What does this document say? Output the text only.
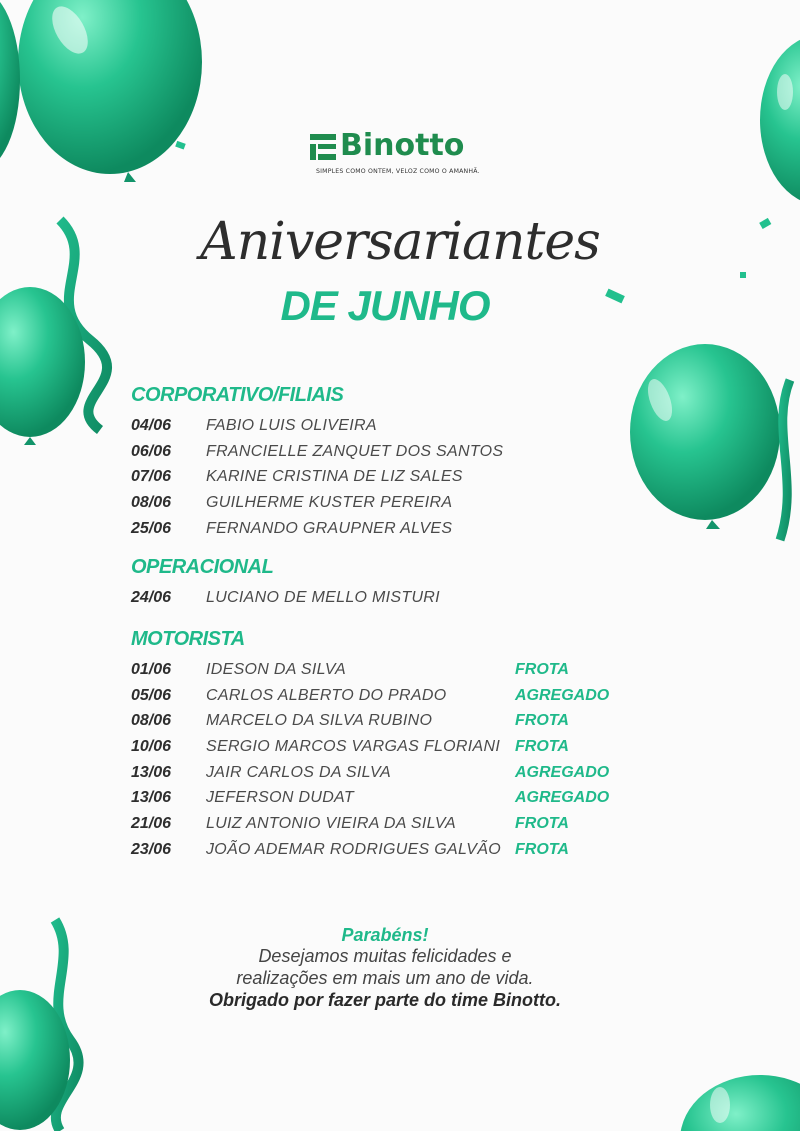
Binotto
SIMPLES COMO ONTEM, VELOZ COMO O AMANHÃ.
Aniversariantes
DE JUNHO
CORPORATIVO/FILIAIS
04/06 FABIO LUIS OLIVEIRA
06/06 FRANCIELLE ZANQUET DOS SANTOS
07/06 KARINE CRISTINA DE LIZ SALES
08/06 GUILHERME KUSTER PEREIRA
25/06 FERNANDO GRAUPNER ALVES
OPERACIONAL
24/06 LUCIANO DE MELLO MISTURI
MOTORISTA
01/06 IDESON DA SILVA	FROTA
05/06 CARLOS ALBERTO DO PRADO	AGREGADO
08/06 MARCELO DA SILVA RUBINO	FROTA
10/06 SERGIO MARCOS VARGAS FLORIANI FROTA
13/06 JAIR CARLOS DA SILVA	AGREGADO
13/06 JEFERSON DUDAT	AGREGADO
21/06 LUIZ ANTONIO VIEIRA DA SILVA	FROTA
23/06 JOÃO ADEMAR RODRIGUES GALVÃO FROTA
Parabéns!
Desejamos muitas felicidades e
realizações em mais um ano de vida.
Obrigado por fazer parte do time Binotto.
